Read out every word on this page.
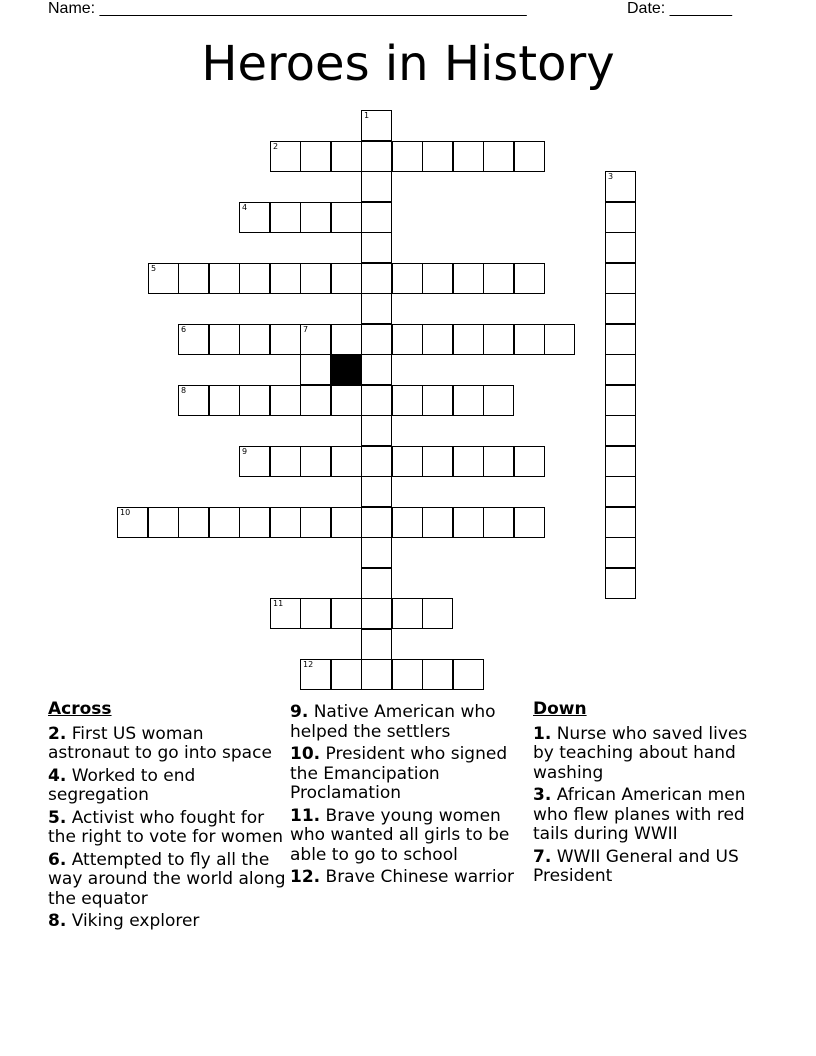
Name: ________________________________________________	Date: _______
Heroes in History
2
4
5
6	7
8
9
10
11
12
1
3
Across
2. First US woman astronaut to go into space
4. Worked to end segregation
5. Activist who fought for the right to vote for women
6. Attempted to fly all the way around the world along the equator
8. Viking explorer
9. Native American who helped the settlers
10. President who signed the Emancipation Proclamation
11. Brave young women who wanted all girls to be able to go to school
12. Brave Chinese warrior
Down
1. Nurse who saved lives by teaching about hand washing
3. African American men who flew planes with red tails during WWII
7. WWII General and US President
